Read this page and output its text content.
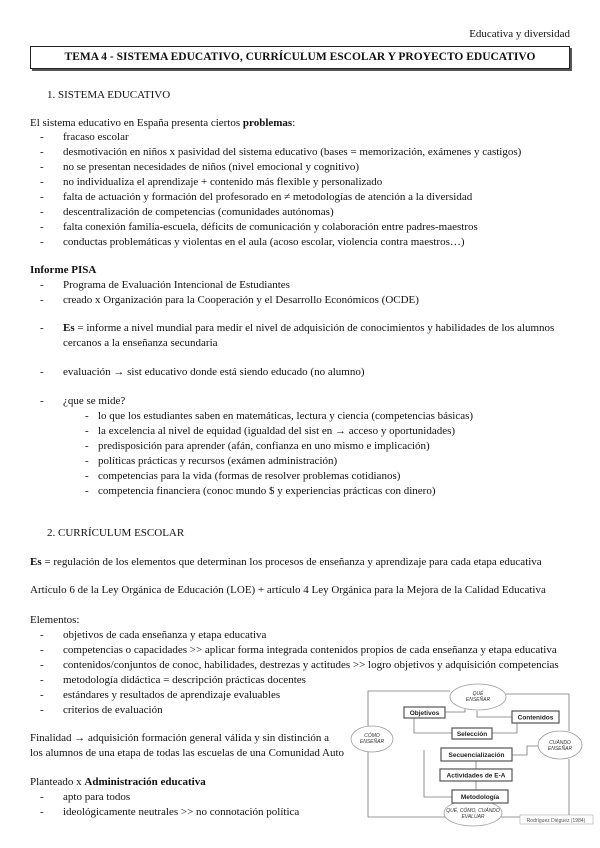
Educativa y diversidad
TEMA 4 - SISTEMA EDUCATIVO, CURRÍCULUM ESCOLAR Y PROYECTO EDUCATIVO
1. SISTEMA EDUCATIVO
El sistema educativo en España presenta ciertos problemas:
- fracaso escolar
- desmotivación en niños x pasividad del sistema educativo (bases = memorización, exámenes y castigos)
- no se presentan necesidades de niños (nivel emocional y cognitivo)
- no individualiza el aprendizaje + contenido más flexible y personalizado
- falta de actuación y formación del profesorado en ≠ metodologías de atención a la diversidad
- descentralización de competencias (comunidades autónomas)
- falta conexión familia-escuela, déficits de comunicación y colaboración entre padres-maestros
- conductas problemáticas y violentas en el aula (acoso escolar, violencia contra maestros…)
Informe PISA
- Programa de Evaluación Intencional de Estudiantes
- creado x Organización para la Cooperación y el Desarrollo Económicos (OCDE)
- Es = informe a nivel mundial para medir el nivel de adquisición de conocimientos y habilidades de los alumnos
cercanos a la enseñanza secundaria
- evaluación → sist educativo donde está siendo educado (no alumno)
- ¿que se mide?
- lo que los estudiantes saben en matemáticas, lectura y ciencia (competencias básicas)
- la excelencia al nivel de equidad (igualdad del sist en → acceso y oportunidades)
- predisposición para aprender (afán, confianza en uno mismo e implicación)
- políticas prácticas y recursos (exámen administración)
- competencias para la vida (formas de resolver problemas cotidianos)
- competencia financiera (conoc mundo $ y experiencias prácticas con dinero)
2. CURRÍCULUM ESCOLAR
Es = regulación de los elementos que determinan los procesos de enseñanza y aprendizaje para cada etapa educativa
Artículo 6 de la Ley Orgánica de Educación (LOE) + artículo 4 Ley Orgánica para la Mejora de la Calidad Educativa
Elementos:
- objetivos de cada enseñanza y etapa educativa
- competencias o capacidades >> aplicar forma integrada contenidos propios de cada enseñanza y etapa educativa
- contenidos/conjuntos de conoc, habilidades, destrezas y actitudes >> logro objetivos y adquisición competencias
- metodología didáctica = descripción prácticas docentes
- estándares y resultados de aprendizaje evaluables
- criterios de evaluación
Finalidad → adquisición formación general válida y sin distinción a
los alumnos de una etapa de todas las escuelas de una Comunidad Auto
Planteado x Administración educativa
- apto para todos
- ideológicamente neutrales >> no connotación política
QUÉ
ENSEÑAR
CÓMO
ENSEÑAR	CUÁNDO
ENSEÑAR
QUÉ, CÓMO, CUÁNDO
EVALUAR
Objetivos
Contenidos
Selección
Secuencialización
Actividades de E-A
Metodología
Rodríguez Diéguez (1984)
